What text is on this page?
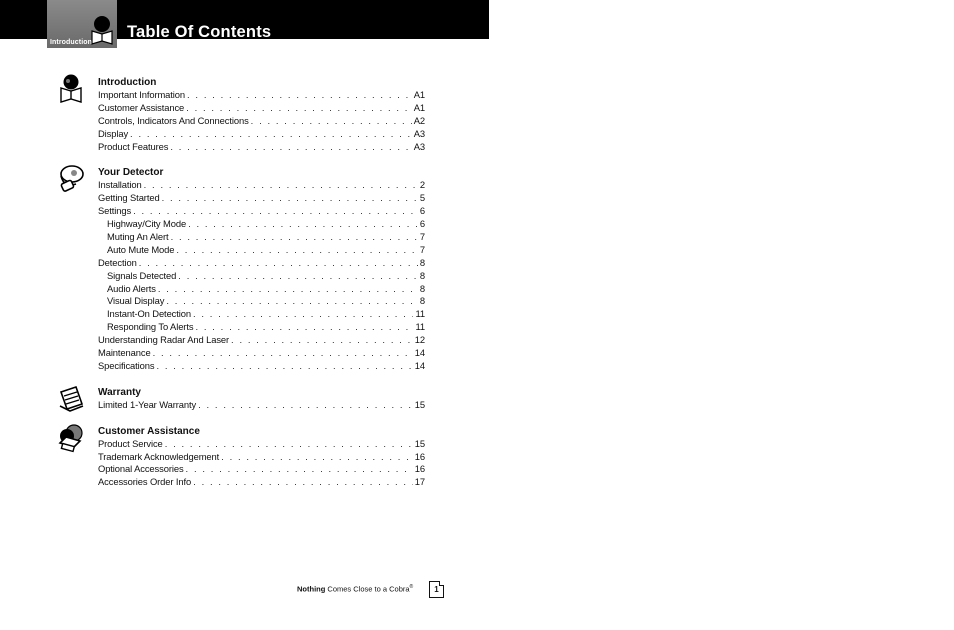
Introduction
Table Of Contents
Introduction
Important Information . . .	A1
Customer Assistance . . .	A1
Controls, Indicators And Connections . . .	A2
Display . . .	A3
Product Features . . .	A3
Your Detector
Installation . . .	2
Getting Started . . .	5
Settings . . .	6
Highway/City Mode . . .	6
Muting An Alert . . .	7
Auto Mute Mode . . .	7
Detection . . .	8
Signals Detected . . .	8
Audio Alerts . . .	8
Visual Display . . .	8
Instant-On Detection . . .	11
Responding To Alerts . . .	11
Understanding Radar And Laser . . .	12
Maintenance . . .	14
Specifications . . .	14
Warranty
Limited 1-Year Warranty . . .	15
Customer Assistance
Product Service . . .	15
Trademark Acknowledgement . . .	16
Optional Accessories . . .	16
Accessories Order Info . . .	17
Nothing Comes Close to a Cobra®	1
